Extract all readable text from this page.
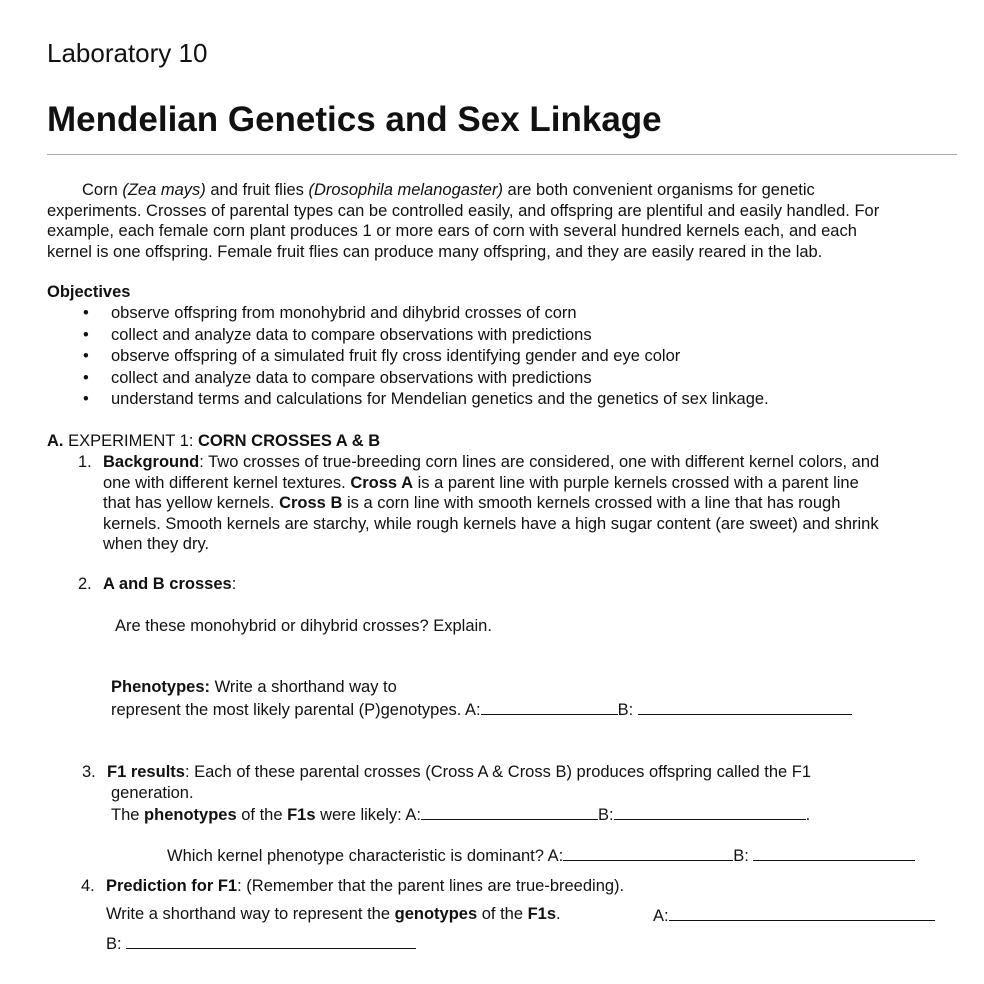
Laboratory 10
Mendelian Genetics and Sex Linkage

Corn (Zea mays) and fruit flies (Drosophila melanogaster) are both convenient organisms for genetic

experiments. Crosses of parental types can be controlled easily, and offspring are plentiful and easily handled. For

example, each female corn plant produces 1 or more ears of corn with several hundred kernels each, and each

kernel is one offspring. Female fruit flies can produce many offspring, and they are easily reared in the lab.

Objectives
• observe offspring from monohybrid and dihybrid crosses of corn
• collect and analyze data to compare observations with predictions
• observe offspring of a simulated fruit fly cross identifying gender and eye color
• collect and analyze data to compare observations with predictions
• understand terms and calculations for Mendelian genetics and the genetics of sex linkage.
A. EXPERIMENT 1: CORN CROSSES A & B
1. Background: Two crosses of true-breeding corn lines are considered, one with different kernel colors, and
one with different kernel textures. Cross A is a parent line with purple kernels crossed with a parent line
that has yellow kernels. Cross B is a corn line with smooth kernels crossed with a line that has rough
kernels. Smooth kernels are starchy, while rough kernels have a high sugar content (are sweet) and shrink
when they dry.
2. A and B crosses:
Are these monohybrid or dihybrid crosses? Explain.
Phenotypes: Write a shorthand way to
represent the most likely parental (P)genotypes. A:	B:
3. F1 results: Each of these parental crosses (Cross A & Cross B) produces offspring called the F1
generation.
The phenotypes of the F1s were likely: A:	B:	.
Which kernel phenotype characteristic is dominant? A:	B:
4. Prediction for F1: (Remember that the parent lines are true-breeding).
Write a shorthand way to represent the genotypes of the F1s.	A:
B:
